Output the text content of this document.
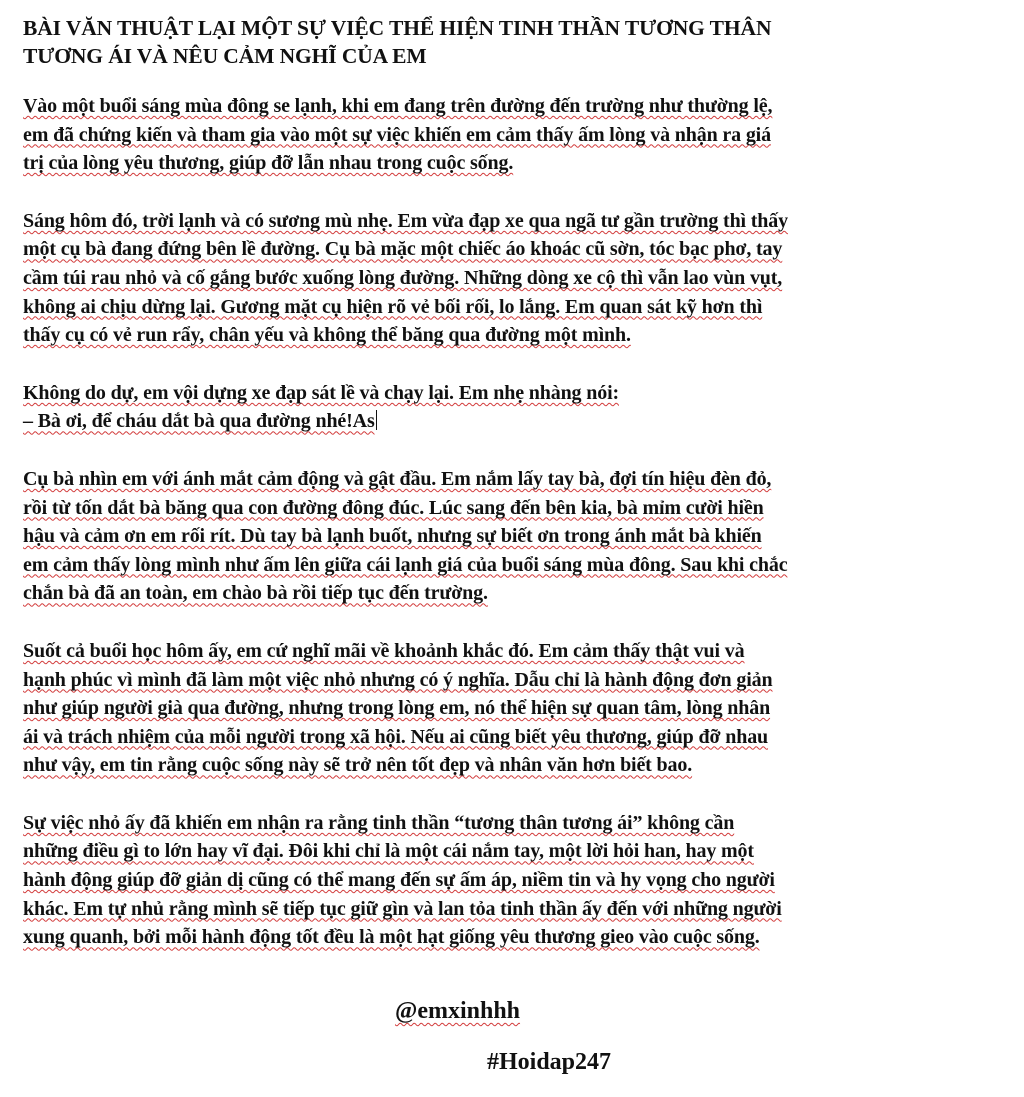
BÀI VĂN THUẬT LẠI MỘT SỰ VIỆC THỂ HIỆN TINH THẦN TƯƠNG THÂN
TƯƠNG ÁI VÀ NÊU CẢM NGHĨ CỦA EM
Vào một buổi sáng mùa đông se lạnh, khi em đang trên đường đến trường như thường lệ,
em đã chứng kiến và tham gia vào một sự việc khiến em cảm thấy ấm lòng và nhận ra giá
trị của lòng yêu thương, giúp đỡ lẫn nhau trong cuộc sống.
Sáng hôm đó, trời lạnh và có sương mù nhẹ. Em vừa đạp xe qua ngã tư gần trường thì thấy
một cụ bà đang đứng bên lề đường. Cụ bà mặc một chiếc áo khoác cũ sờn, tóc bạc phơ, tay
cầm túi rau nhỏ và cố gắng bước xuống lòng đường. Những dòng xe cộ thì vẫn lao vùn vụt,
không ai chịu dừng lại. Gương mặt cụ hiện rõ vẻ bối rối, lo lắng. Em quan sát kỹ hơn thì
thấy cụ có vẻ run rẩy, chân yếu và không thể băng qua đường một mình.
Không do dự, em vội dựng xe đạp sát lề và chạy lại. Em nhẹ nhàng nói:
– Bà ơi, để cháu dắt bà qua đường nhé!As
Cụ bà nhìn em với ánh mắt cảm động và gật đầu. Em nắm lấy tay bà, đợi tín hiệu đèn đỏ,
rồi từ tốn dắt bà băng qua con đường đông đúc. Lúc sang đến bên kia, bà mỉm cười hiền
hậu và cảm ơn em rối rít. Dù tay bà lạnh buốt, nhưng sự biết ơn trong ánh mắt bà khiến
em cảm thấy lòng mình như ấm lên giữa cái lạnh giá của buổi sáng mùa đông. Sau khi chắc
chắn bà đã an toàn, em chào bà rồi tiếp tục đến trường.
Suốt cả buổi học hôm ấy, em cứ nghĩ mãi về khoảnh khắc đó. Em cảm thấy thật vui và
hạnh phúc vì mình đã làm một việc nhỏ nhưng có ý nghĩa. Dẫu chỉ là hành động đơn giản
như giúp người già qua đường, nhưng trong lòng em, nó thể hiện sự quan tâm, lòng nhân
ái và trách nhiệm của mỗi người trong xã hội. Nếu ai cũng biết yêu thương, giúp đỡ nhau
như vậy, em tin rằng cuộc sống này sẽ trở nên tốt đẹp và nhân văn hơn biết bao.
Sự việc nhỏ ấy đã khiến em nhận ra rằng tinh thần “tương thân tương ái” không cần
những điều gì to lớn hay vĩ đại. Đôi khi chỉ là một cái nắm tay, một lời hỏi han, hay một
hành động giúp đỡ giản dị cũng có thể mang đến sự ấm áp, niềm tin và hy vọng cho người
khác. Em tự nhủ rằng mình sẽ tiếp tục giữ gìn và lan tỏa tinh thần ấy đến với những người
xung quanh, bởi mỗi hành động tốt đều là một hạt giống yêu thương gieo vào cuộc sống.
@emxinhhh
#Hoidap247
